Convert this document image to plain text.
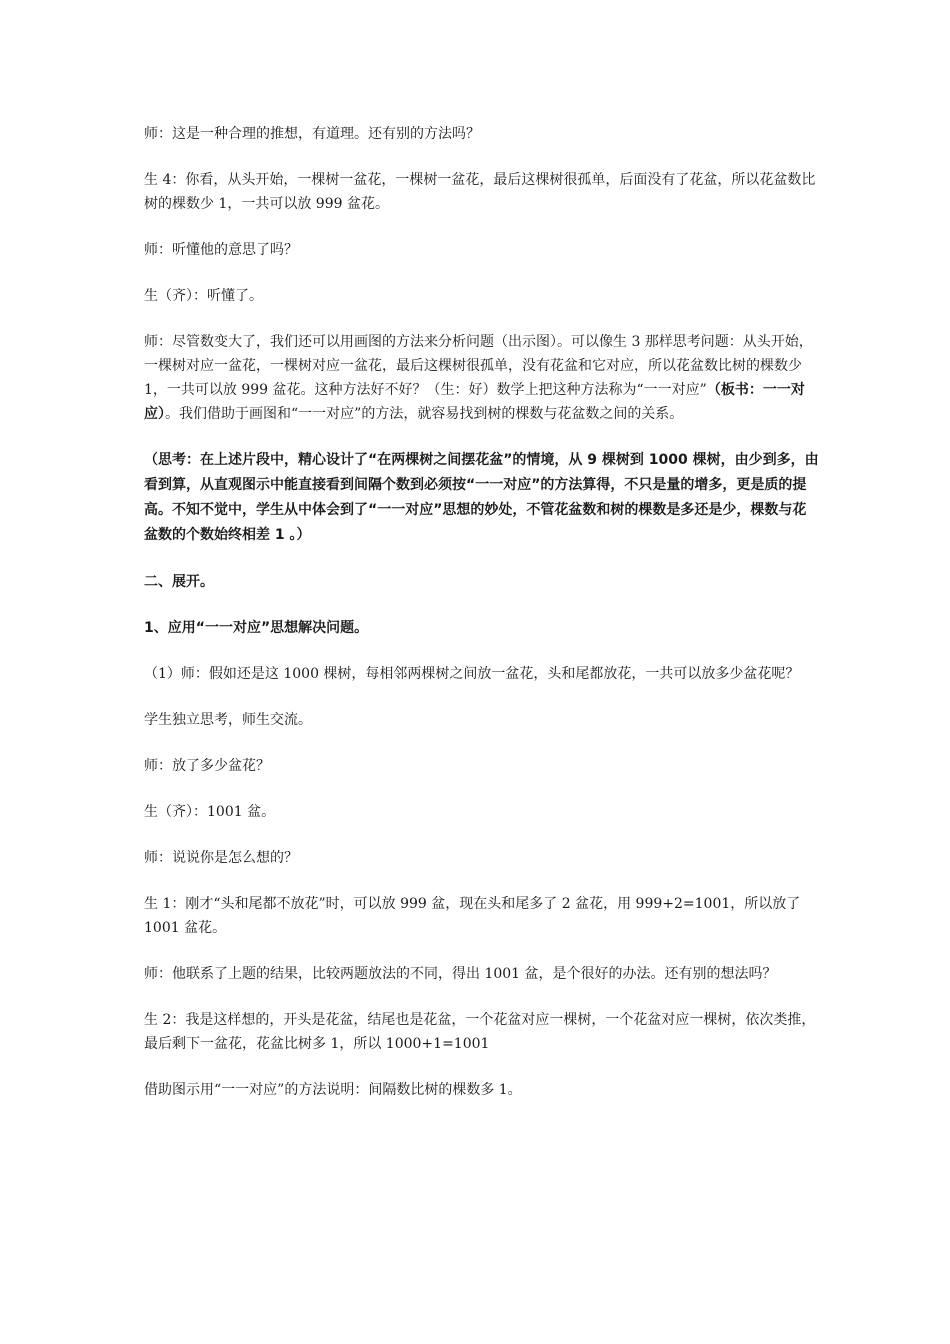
师：这是一种合理的推想，有道理。还有别的方法吗？

生 4：你看，从头开始，一棵树一盆花，一棵树一盆花，最后这棵树很孤单，后面没有了花盆，所以花盆数比树的棵数少 1，一共可以放 999 盆花。

师：听懂他的意思了吗？

生（齐）：听懂了。

师：尽管数变大了，我们还可以用画图的方法来分析问题（出示图）。可以像生 3 那样思考问题：从头开始，一棵树对应一盆花，一棵树对应一盆花，最后这棵树很孤单，没有花盆和它对应，所以花盆数比树的棵数少 1，一共可以放 999 盆花。这种方法好不好？（生：好）数学上把这种方法称为“一一对应”（板书：一一对应）。我们借助于画图和“一一对应”的方法，就容易找到树的棵数与花盆数之间的关系。

（思考：在上述片段中，精心设计了“在两棵树之间摆花盆”的情境，从 9 棵树到 1000 棵树，由少到多，由看到算，从直观图示中能直接看到间隔个数到必须按“一一对应”的方法算得，不只是量的增多，更是质的提高。不知不觉中，学生从中体会到了“一一对应”思想的妙处，不管花盆数和树的棵数是多还是少，棵数与花盆数的个数始终相差 1 。）

二、展开。

1、应用“一一对应”思想解决问题。

（1）师：假如还是这 1000 棵树，每相邻两棵树之间放一盆花，头和尾都放花，一共可以放多少盆花呢？

学生独立思考，师生交流。

师：放了多少盆花？

生（齐）：1001 盆。

师：说说你是怎么想的？

生 1：刚才“头和尾都不放花”时，可以放 999 盆，现在头和尾多了 2 盆花，用 999+2=1001，所以放了 1001 盆花。

师：他联系了上题的结果，比较两题放法的不同，得出 1001 盆，是个很好的办法。还有别的想法吗？

生 2：我是这样想的，开头是花盆，结尾也是花盆，一个花盆对应一棵树，一个花盆对应一棵树，依次类推，最后剩下一盆花，花盆比树多 1，所以 1000+1=1001

借助图示用“一一对应”的方法说明：间隔数比树的棵数多 1。
